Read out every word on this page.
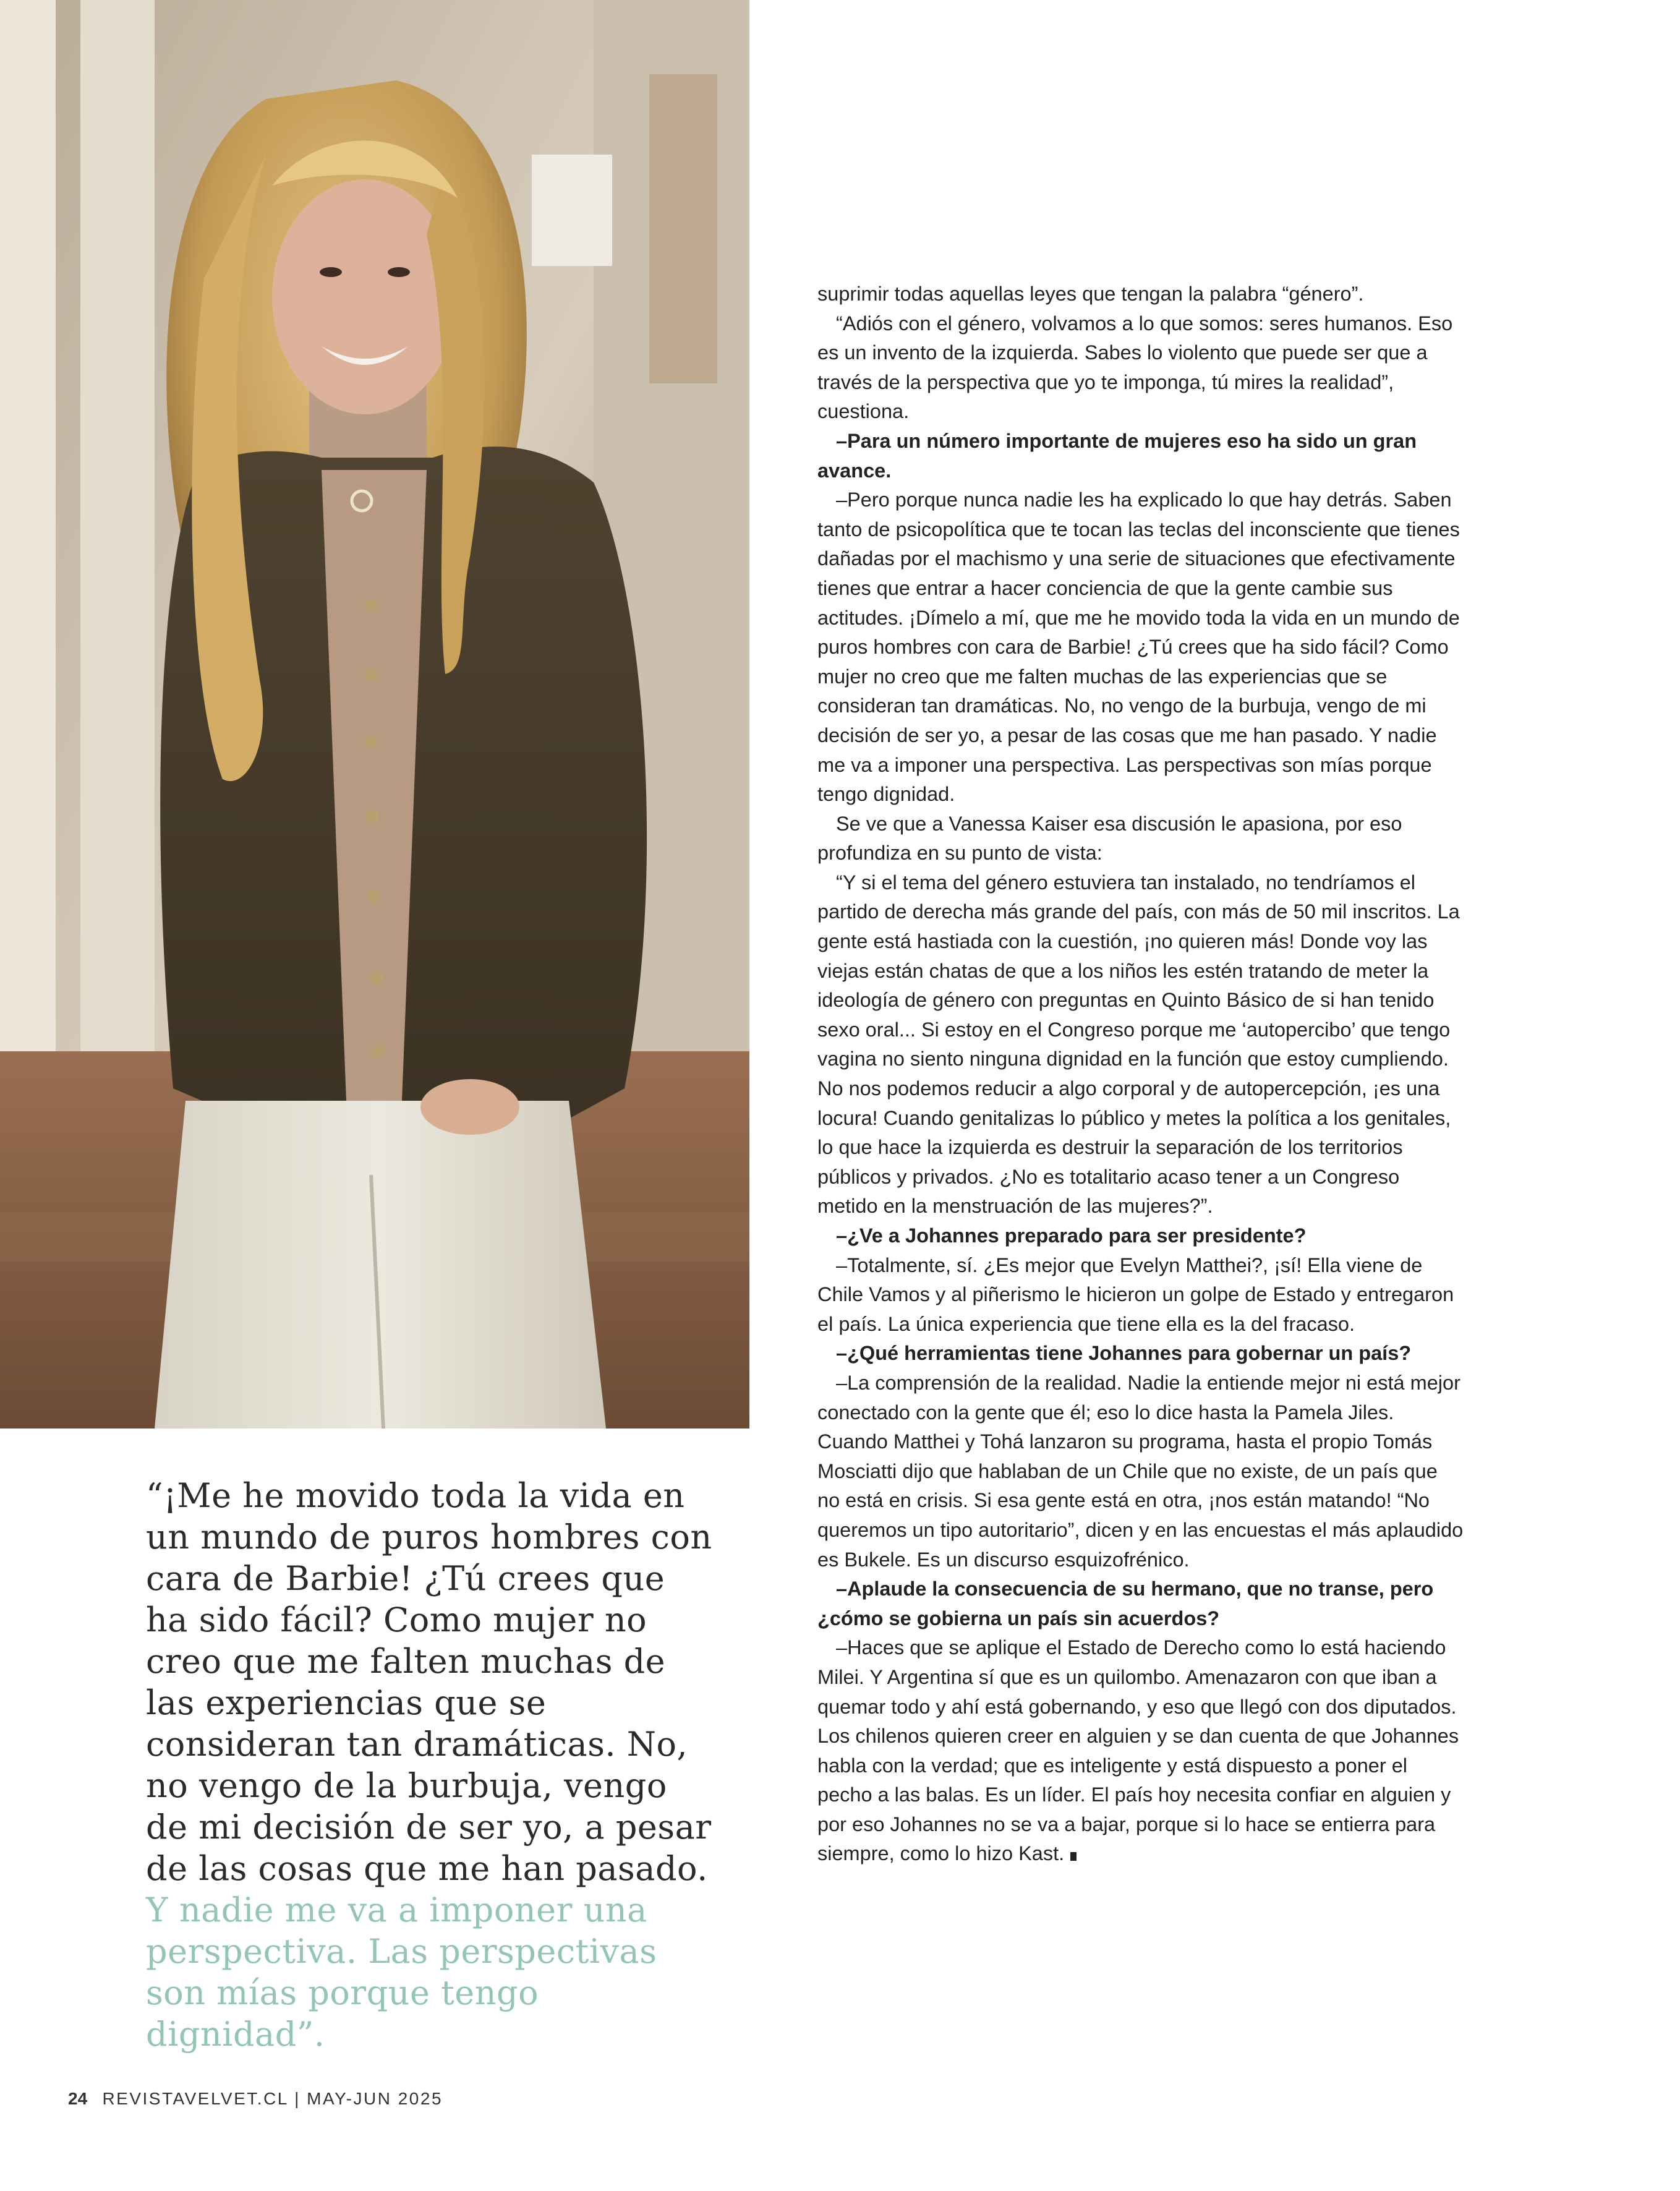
“¡Me he movido toda la vida en un mundo de puros hombres con cara de Barbie! ¿Tú crees que ha sido fácil? Como mujer no creo que me falten muchas de las experiencias que se consideran tan dramáticas. No, no vengo de la burbuja, vengo de mi decisión de ser yo, a pesar de las cosas que me han pasado. Y nadie me va a imponer una perspectiva. Las perspectivas son mías porque tengo dignidad”.

suprimir todas aquellas leyes que tengan la palabra “género”.

“Adiós con el género, volvamos a lo que somos: seres humanos. Eso es un invento de la izquierda. Sabes lo violento que puede ser que a través de la perspectiva que yo te imponga, tú mires la realidad”, cuestiona.

–Para un número importante de mujeres eso ha sido un gran avance.

–Pero porque nunca nadie les ha explicado lo que hay detrás. Saben tanto de psicopolítica que te tocan las teclas del inconsciente que tienes dañadas por el machismo y una serie de situaciones que efectivamente tienes que entrar a hacer conciencia de que la gente cambie sus actitudes. ¡Dímelo a mí, que me he movido toda la vida en un mundo de puros hombres con cara de Barbie! ¿Tú crees que ha sido fácil? Como mujer no creo que me falten muchas de las experiencias que se consideran tan dramáticas. No, no vengo de la burbuja, vengo de mi decisión de ser yo, a pesar de las cosas que me han pasado. Y nadie me va a imponer una perspectiva. Las perspectivas son mías porque tengo dignidad.

Se ve que a Vanessa Kaiser esa discusión le apasiona, por eso profundiza en su punto de vista:

“Y si el tema del género estuviera tan instalado, no tendríamos el partido de derecha más grande del país, con más de 50 mil inscritos. La gente está hastiada con la cuestión, ¡no quieren más! Donde voy las viejas están chatas de que a los niños les estén tratando de meter la ideología de género con preguntas en Quinto Básico de si han tenido sexo oral... Si estoy en el Congreso porque me ‘autopercibo’ que tengo vagina no siento ninguna dignidad en la función que estoy cumpliendo. No nos podemos reducir a algo corporal y de autopercepción, ¡es una locura! Cuando genitalizas lo público y metes la política a los genitales, lo que hace la izquierda es destruir la separación de los territorios públicos y privados. ¿No es totalitario acaso tener a un Congreso metido en la menstruación de las mujeres?”.

–¿Ve a Johannes preparado para ser presidente?

–Totalmente, sí. ¿Es mejor que Evelyn Matthei?, ¡sí! Ella viene de Chile Vamos y al piñerismo le hicieron un golpe de Estado y entregaron el país. La única experiencia que tiene ella es la del fracaso.

–¿Qué herramientas tiene Johannes para gobernar un país?

–La comprensión de la realidad. Nadie la entiende mejor ni está mejor conectado con la gente que él; eso lo dice hasta la Pamela Jiles. Cuando Matthei y Tohá lanzaron su programa, hasta el propio Tomás Mosciatti dijo que hablaban de un Chile que no existe, de un país que no está en crisis. Si esa gente está en otra, ¡nos están matando! “No queremos un tipo autoritario”, dicen y en las encuestas el más aplaudido es Bukele. Es un discurso esquizofrénico.

–Aplaude la consecuencia de su hermano, que no transe, pero ¿cómo se gobierna un país sin acuerdos?

–Haces que se aplique el Estado de Derecho como lo está haciendo Milei. Y Argentina sí que es un quilombo. Amenazaron con que iban a quemar todo y ahí está gobernando, y eso que llegó con dos diputados. Los chilenos quieren creer en alguien y se dan cuenta de que Johannes habla con la verdad; que es inteligente y está dispuesto a poner el pecho a las balas. Es un líder. El país hoy necesita confiar en alguien y por eso Johannes no se va a bajar, porque si lo hace se entierra para siempre, como lo hizo Kast.

24 REVISTAVELVET.CL | MAY-JUN 2025
